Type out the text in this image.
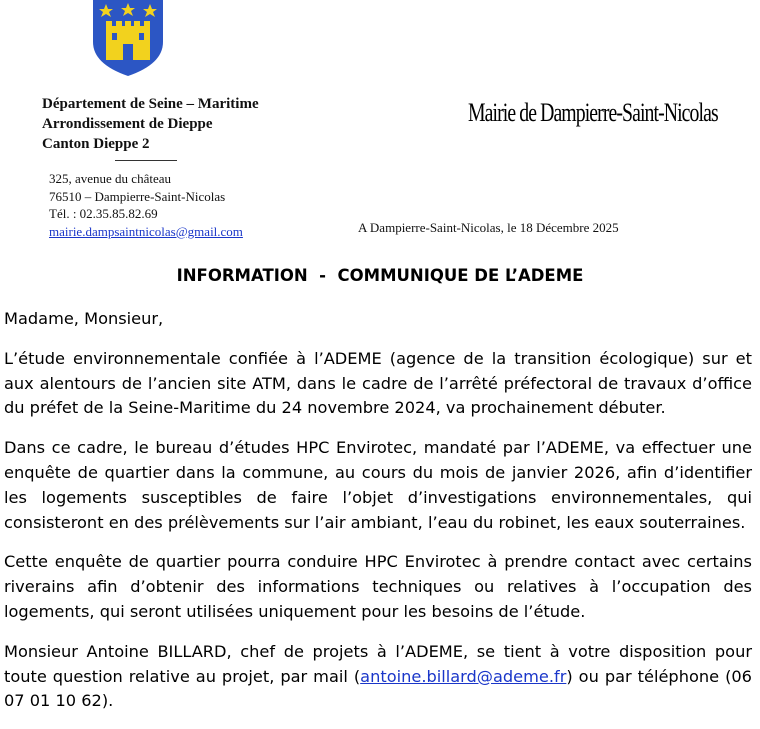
Département de Seine – Maritime
Arrondissement de Dieppe
Canton Dieppe 2
325, avenue du château
76510 – Dampierre-Saint-Nicolas
Tél. : 02.35.85.82.69
mairie.dampsaintnicolas@gmail.com
Mairie de Dampierre-Saint-Nicolas
A Dampierre-Saint-Nicolas, le 18 Décembre 2025
INFORMATION  -  COMMUNIQUE DE L’ADEME

Madame, Monsieur,

L’étude environnementale confiée à l’ADEME (agence de la transition écologique) sur et aux alentours de l’ancien site ATM, dans le cadre de l’arrêté préfectoral de travaux d’office du préfet de la Seine-Maritime du 24 novembre 2024, va prochainement débuter.

Dans ce cadre, le bureau d’études HPC Envirotec, mandaté par l’ADEME, va effectuer une enquête de quartier dans la commune, au cours du mois de janvier 2026, afin d’identifier les logements susceptibles de faire l’objet d’investigations environnementales, qui consisteront en des prélèvements sur l’air ambiant, l’eau du robinet, les eaux souterraines.

Cette enquête de quartier pourra conduire HPC Envirotec à prendre contact avec certains riverains afin d’obtenir des informations techniques ou relatives à l’occupation des logements, qui seront utilisées uniquement pour les besoins de l’étude.

Monsieur Antoine BILLARD, chef de projets à l’ADEME, se tient à votre disposition pour toute question relative au projet, par mail (antoine.billard@ademe.fr) ou par téléphone (06 07 01 10 62).
